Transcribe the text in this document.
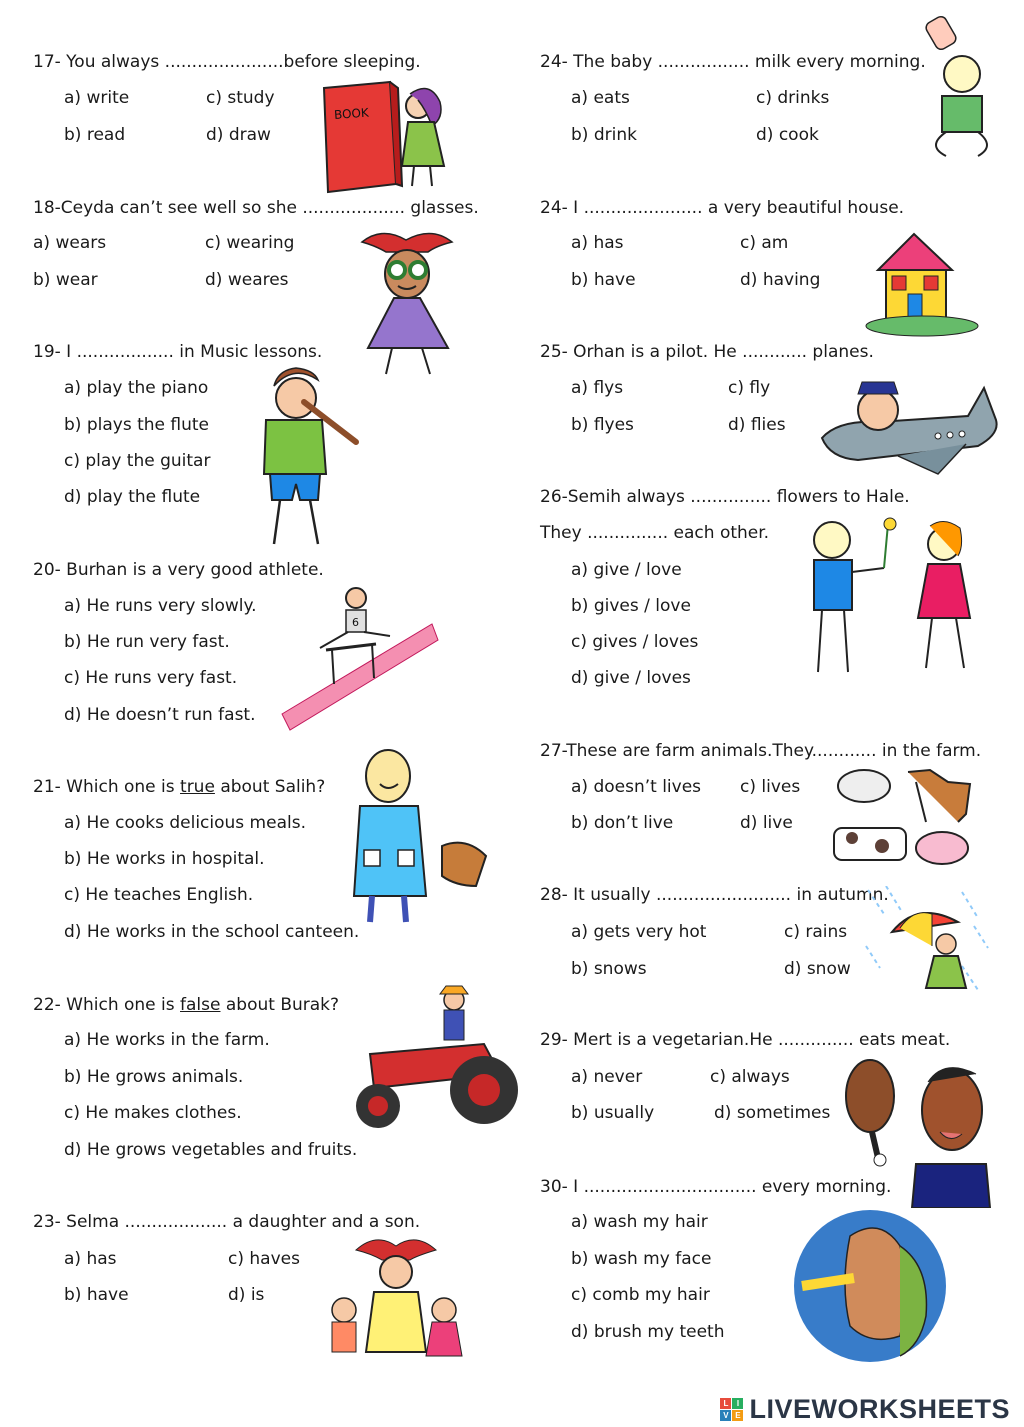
17- You always ......................before sleeping.
a) write	c) study
b) read	d) draw
18-Ceyda can’t see well so she ................... glasses.
a) wears	c) wearing
b) wear	d) weares
19- I .................. in Music lessons.
a) play the piano
b) plays the flute
c) play the guitar
d) play the flute
20- Burhan is a very good athlete.
a) He runs very slowly.
b) He run very fast.
c) He runs very fast.
d) He doesn’t run fast.
21- Which one is true about Salih?
a) He cooks delicious meals.
b) He works in hospital.
c) He teaches English.
d) He works in the school canteen.
22- Which one is false about Burak?
a) He works in the farm.
b) He grows animals.
c) He makes clothes.
d) He grows vegetables and fruits.
23- Selma ................... a daughter and a son.
a) has	c) haves
b) have	d) is
24- The baby ................. milk every morning.
a) eats	c) drinks
b) drink	d) cook
24- I ...................... a very beautiful house.
a) has	c) am
b) have	d) having
25- Orhan is a pilot. He ............ planes.
a) flys	c) fly
b) flyes	d) flies
26-Semih always ............... flowers to Hale.
They ............... each other.
a) give / love
b) gives / love
c) gives / loves
d) give / loves
27-These are farm animals.They............ in the farm.
a) doesn’t lives c) lives
b) don’t live	d) live
28- It usually ......................... in autumn.
a) gets very hot	c) rains
b) snows	d) snow
29- Mert is a vegetarian.He .............. eats meat.
a) never	c) always
b) usually	d) sometimes
30- I ................................ every morning.
a) wash my hair
b) wash my face
c) comb my hair
d) brush my teeth
BOOK
6
L	I
V E LIVEWORKSHEETS
